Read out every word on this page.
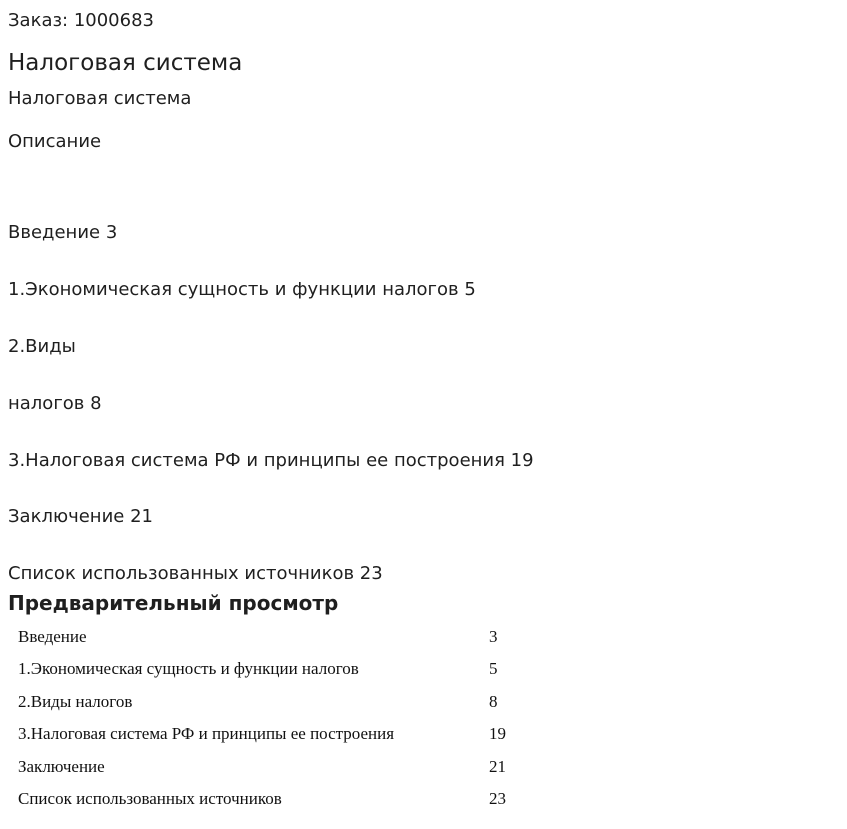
Заказ: 1000683
Налоговая система
Налоговая система
Описание

Введение 3

1.Экономическая сущность и функции налогов 5

2.Виды

налогов 8

3.Налоговая система РФ и принципы ее построения 19

Заключение 21

Список использованных источников 23

Предварительный просмотр
Введение	3
1.Экономическая сущность и функции налогов	5
2.Виды налогов	8
3.Налоговая система РФ и принципы ее построения	19
Заключение	21
Список использованных источников	23
